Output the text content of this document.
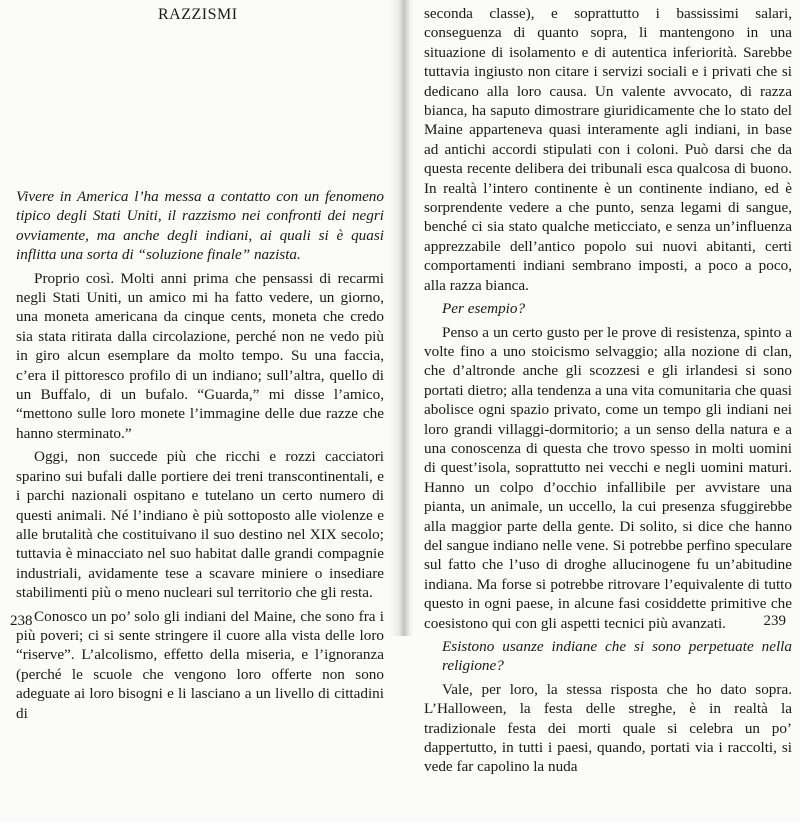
RAZZISMI

Vivere in America l’ha messa a contatto con un fenomeno tipico degli Stati Uniti, il razzismo nei confronti dei negri ovviamente, ma anche degli indiani, ai quali si è quasi inflitta una sorta di “soluzione finale” nazista.

Proprio così. Molti anni prima che pensassi di recarmi negli Stati Uniti, un amico mi ha fatto vedere, un giorno, una moneta americana da cinque cents, moneta che credo sia stata ritirata dalla circolazione, perché non ne vedo più in giro alcun esemplare da molto tempo. Su una faccia, c’era il pittoresco profilo di un indiano; sull’altra, quello di un Buffalo, di un bufalo. “Guarda,” mi disse l’amico, “mettono sulle loro monete l’immagine delle due razze che hanno sterminato.”

Oggi, non succede più che ricchi e rozzi cacciatori sparino sui bufali dalle portiere dei treni transcontinentali, e i parchi nazionali ospitano e tutelano un certo numero di questi animali. Né l’indiano è più sottoposto alle violenze e alle brutalità che costituivano il suo destino nel XIX secolo; tuttavia è minacciato nel suo habitat dalle grandi compagnie industriali, avidamente tese a scavare miniere o insediare stabilimenti più o meno nucleari sul territorio che gli resta.

Conosco un po’ solo gli indiani del Maine, che sono fra i più poveri; ci si sente stringere il cuore alla vista delle loro “riserve”. L’alcolismo, effetto della miseria, e l’ignoranza (perché le scuole che vengono loro offerte non sono adeguate ai loro bisogni e li lasciano a un livello di cittadini di

seconda classe), e soprattutto i bassissimi salari, conseguenza di quanto sopra, li mantengono in una situazione di isolamento e di autentica inferiorità. Sarebbe tuttavia ingiusto non citare i servizi sociali e i privati che si dedicano alla loro causa. Un valente avvocato, di razza bianca, ha saputo dimostrare giuridicamente che lo stato del Maine apparteneva quasi interamente agli indiani, in base ad antichi accordi stipulati con i coloni. Può darsi che da questa recente delibera dei tribunali esca qualcosa di buono. In realtà l’intero continente è un continente indiano, ed è sorprendente vedere a che punto, senza legami di sangue, benché ci sia stato qualche meticciato, e senza un’influenza apprezzabile dell’antico popolo sui nuovi abitanti, certi comportamenti indiani sembrano imposti, a poco a poco, alla razza bianca.

Per esempio?

Penso a un certo gusto per le prove di resistenza, spinto a volte fino a uno stoicismo selvaggio; alla nozione di clan, che d’altronde anche gli scozzesi e gli irlandesi si sono portati dietro; alla tendenza a una vita comunitaria che quasi abolisce ogni spazio privato, come un tempo gli indiani nei loro grandi villaggi-dormitorio; a un senso della natura e a una conoscenza di questa che trovo spesso in molti uomini di quest’isola, soprattutto nei vecchi e negli uomini maturi. Hanno un colpo d’occhio infallibile per avvistare una pianta, un animale, un uccello, la cui presenza sfuggirebbe alla maggior parte della gente. Di solito, si dice che hanno del sangue indiano nelle vene. Si potrebbe perfino speculare sul fatto che l’uso di droghe allucinogene fu un’abitudine indiana. Ma forse si potrebbe ritrovare l’equivalente di tutto questo in ogni paese, in alcune fasi cosiddette primitive che coesistono qui con gli aspetti tecnici più avanzati.

Esistono usanze indiane che si sono perpetuate nella religione?

Vale, per loro, la stessa risposta che ho dato sopra. L’Halloween, la festa delle streghe, è in realtà la tradizionale festa dei morti quale si celebra un po’ dappertutto, in tutti i paesi, quando, portati via i raccolti, si vede far capolino la nuda

238	239
